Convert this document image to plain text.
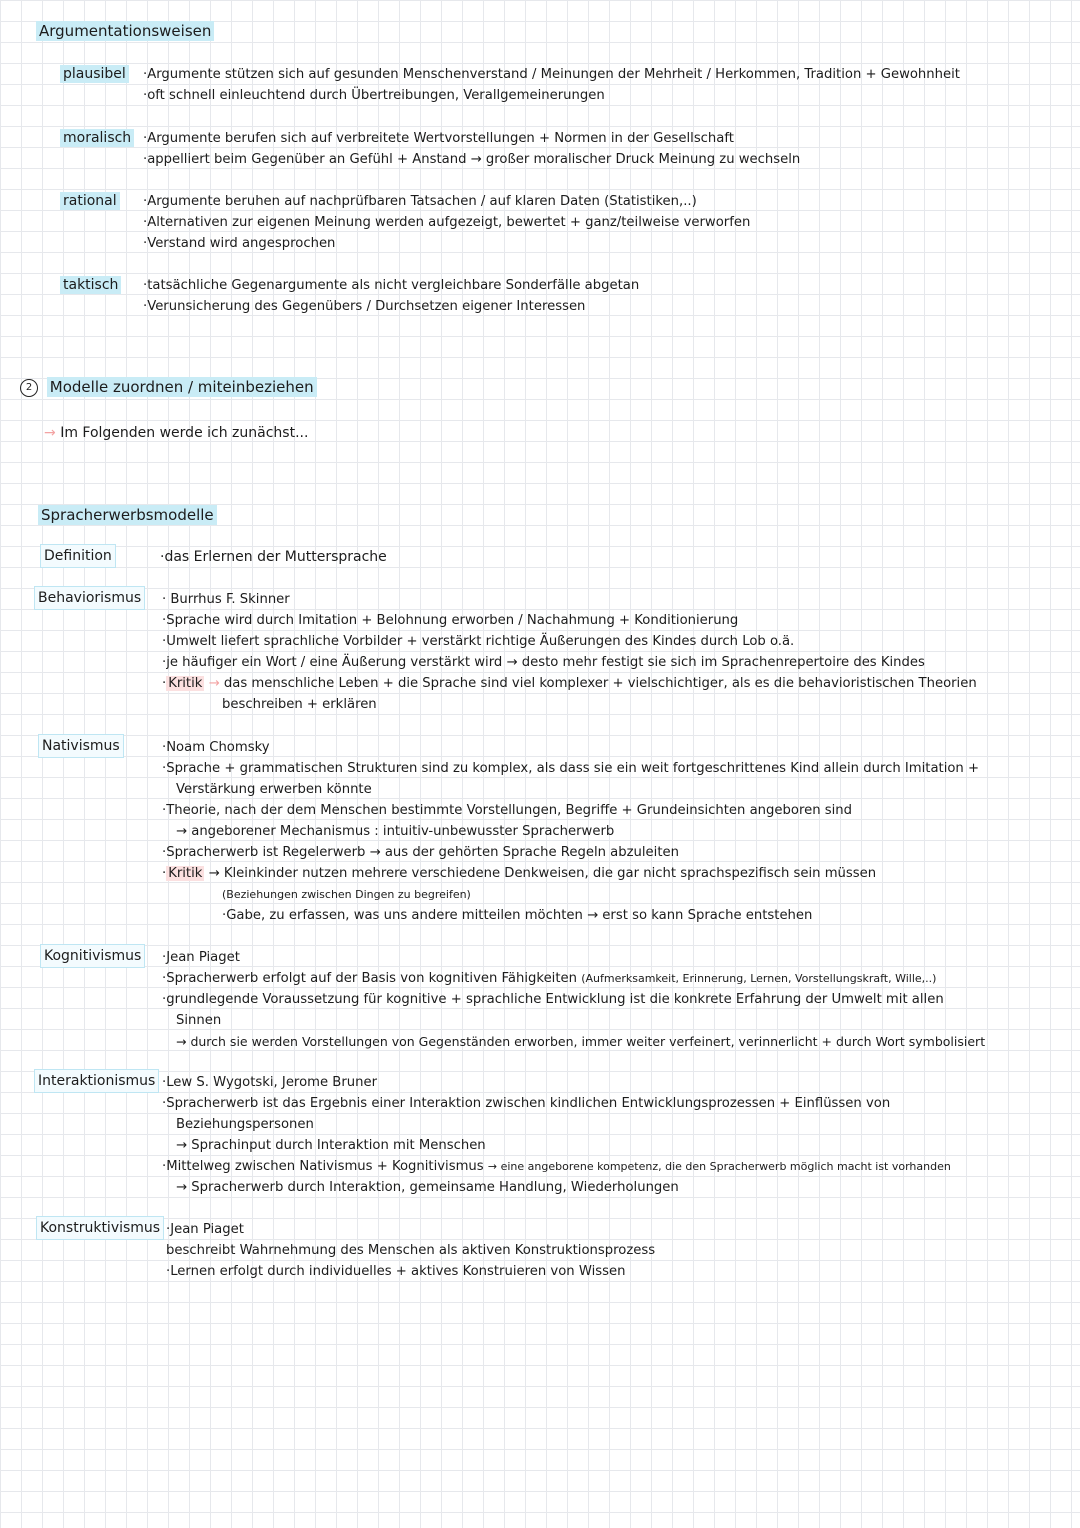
Argumentationsweisen
plausibel ·Argumente stützen sich auf gesunden Menschenverstand / Meinungen der Mehrheit / Herkommen, Tradition + Gewohnheit
·oft schnell einleuchtend durch Übertreibungen, Verallgemeinerungen
moralisch ·Argumente berufen sich auf verbreitete Wertvorstellungen + Normen in der Gesellschaft
·appelliert beim Gegenüber an Gefühl + Anstand → großer moralischer Druck Meinung zu wechseln
rational ·Argumente beruhen auf nachprüfbaren Tatsachen / auf klaren Daten (Statistiken,..)
·Alternativen zur eigenen Meinung werden aufgezeigt, bewertet + ganz/teilweise verworfen
·Verstand wird angesprochen
taktisch ·tatsächliche Gegenargumente als nicht vergleichbare Sonderfälle abgetan
·Verunsicherung des Gegenübers / Durchsetzen eigener Interessen
2 Modelle zuordnen / miteinbeziehen
→ Im Folgenden werde ich zunächst...
Spracherwerbsmodelle
Definition	·das Erlernen der Muttersprache
Behaviorismus	· Burrhus F. Skinner
·Sprache wird durch Imitation + Belohnung erworben / Nachahmung + Konditionierung
·Umwelt liefert sprachliche Vorbilder + verstärkt richtige Äußerungen des Kindes durch Lob o.ä.
·je häufiger ein Wort / eine Äußerung verstärkt wird → desto mehr festigt sie sich im Sprachenrepertoire des Kindes
· Kritik → das menschliche Leben + die Sprache sind viel komplexer + vielschichtiger, als es die behavioristischen Theorien
beschreiben + erklären
Nativismus	·Noam Chomsky
·Sprache + grammatischen Strukturen sind zu komplex, als dass sie ein weit fortgeschrittenes Kind allein durch Imitation +
Verstärkung erwerben könnte
·Theorie, nach der dem Menschen bestimmte Vorstellungen, Begriffe + Grundeinsichten angeboren sind
→ angeborener Mechanismus : intuitiv-unbewusster Spracherwerb
·Spracherwerb ist Regelerwerb → aus der gehörten Sprache Regeln abzuleiten
· Kritik → Kleinkinder nutzen mehrere verschiedene Denkweisen, die gar nicht sprachspezifisch sein müssen
(Beziehungen zwischen Dingen zu begreifen)
·Gabe, zu erfassen, was uns andere mitteilen möchten → erst so kann Sprache entstehen
Kognitivismus	·Jean Piaget
·Spracherwerb erfolgt auf der Basis von kognitiven Fähigkeiten (Aufmerksamkeit, Erinnerung, Lernen, Vorstellungskraft, Wille,..)
·grundlegende Voraussetzung für kognitive + sprachliche Entwicklung ist die konkrete Erfahrung der Umwelt mit allen
Sinnen
→ durch sie werden Vorstellungen von Gegenständen erworben, immer weiter verfeinert, verinnerlicht + durch Wort symbolisiert
Interaktionismus ·Lew S. Wygotski, Jerome Bruner
·Spracherwerb ist das Ergebnis einer Interaktion zwischen kindlichen Entwicklungsprozessen + Einflüssen von
Beziehungspersonen
→ Sprachinput durch Interaktion mit Menschen
·Mittelweg zwischen Nativismus + Kognitivismus → eine angeborene kompetenz, die den Spracherwerb möglich macht ist vorhanden
→ Spracherwerb durch Interaktion, gemeinsame Handlung, Wiederholungen
Konstruktivismus ·Jean Piaget
beschreibt Wahrnehmung des Menschen als aktiven Konstruktionsprozess
·Lernen erfolgt durch individuelles + aktives Konstruieren von Wissen
